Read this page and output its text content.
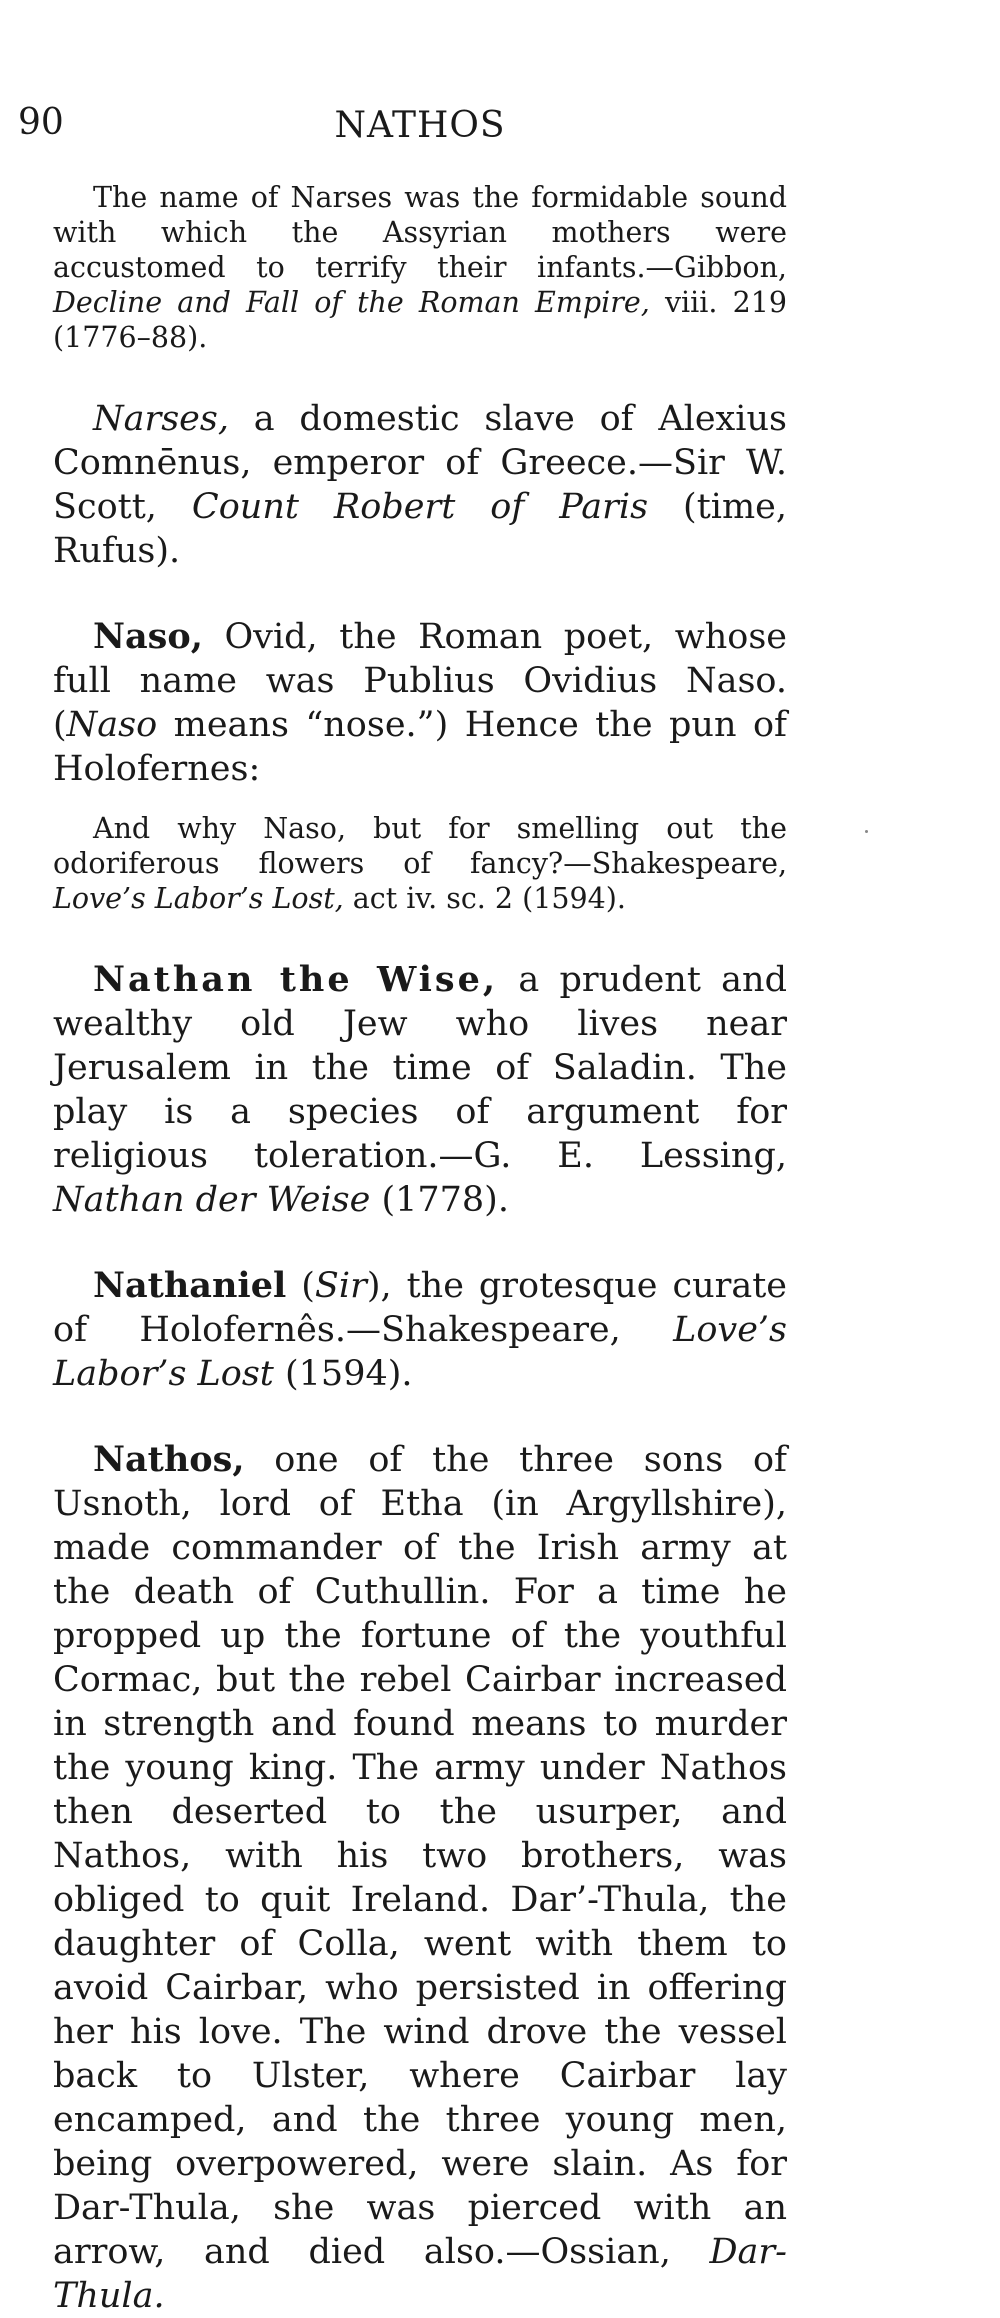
90	NATHOS

The name of Narses was the formidable sound with which the Assyrian mothers were accustomed to terrify their infants.—Gibbon, Decline and Fall of the Roman Empire, viii. 219 (1776–88).

Narses, a domestic slave of Alexius Comnēnus, emperor of Greece.—Sir W. Scott, Count Robert of Paris (time, Rufus).

Naso, Ovid, the Roman poet, whose full name was Publius Ovidius Naso. (Naso means “nose.”) Hence the pun of Holofernes:

And why Naso, but for smelling out the odoriferous flowers of fancy?—Shakespeare, Love’s Labor’s Lost, act iv. sc. 2 (1594).

Nathan the Wise, a prudent and wealthy old Jew who lives near Jerusalem in the time of Saladin. The play is a species of argument for religious toleration.—G. E. Lessing, Nathan der Weise (1778).

Nathaniel (Sir), the grotesque curate of Holofernês.—Shakespeare, Love’s Labor’s Lost (1594).

Nathos, one of the three sons of Usnoth, lord of Etha (in Argyllshire), made commander of the Irish army at the death of Cuthullin. For a time he propped up the fortune of the youthful Cormac, but the rebel Cairbar increased in strength and found means to murder the young king. The army under Nathos then deserted to the usurper, and Nathos, with his two brothers, was obliged to quit Ireland. Dar’-Thula, the daughter of Colla, went with them to avoid Cairbar, who persisted in offering her his love. The wind drove the vessel back to Ulster, where Cairbar lay encamped, and the three young men, being overpowered, were slain. As for Dar-Thula, she was pierced with an arrow, and died also.—Ossian, Dar-Thula.
